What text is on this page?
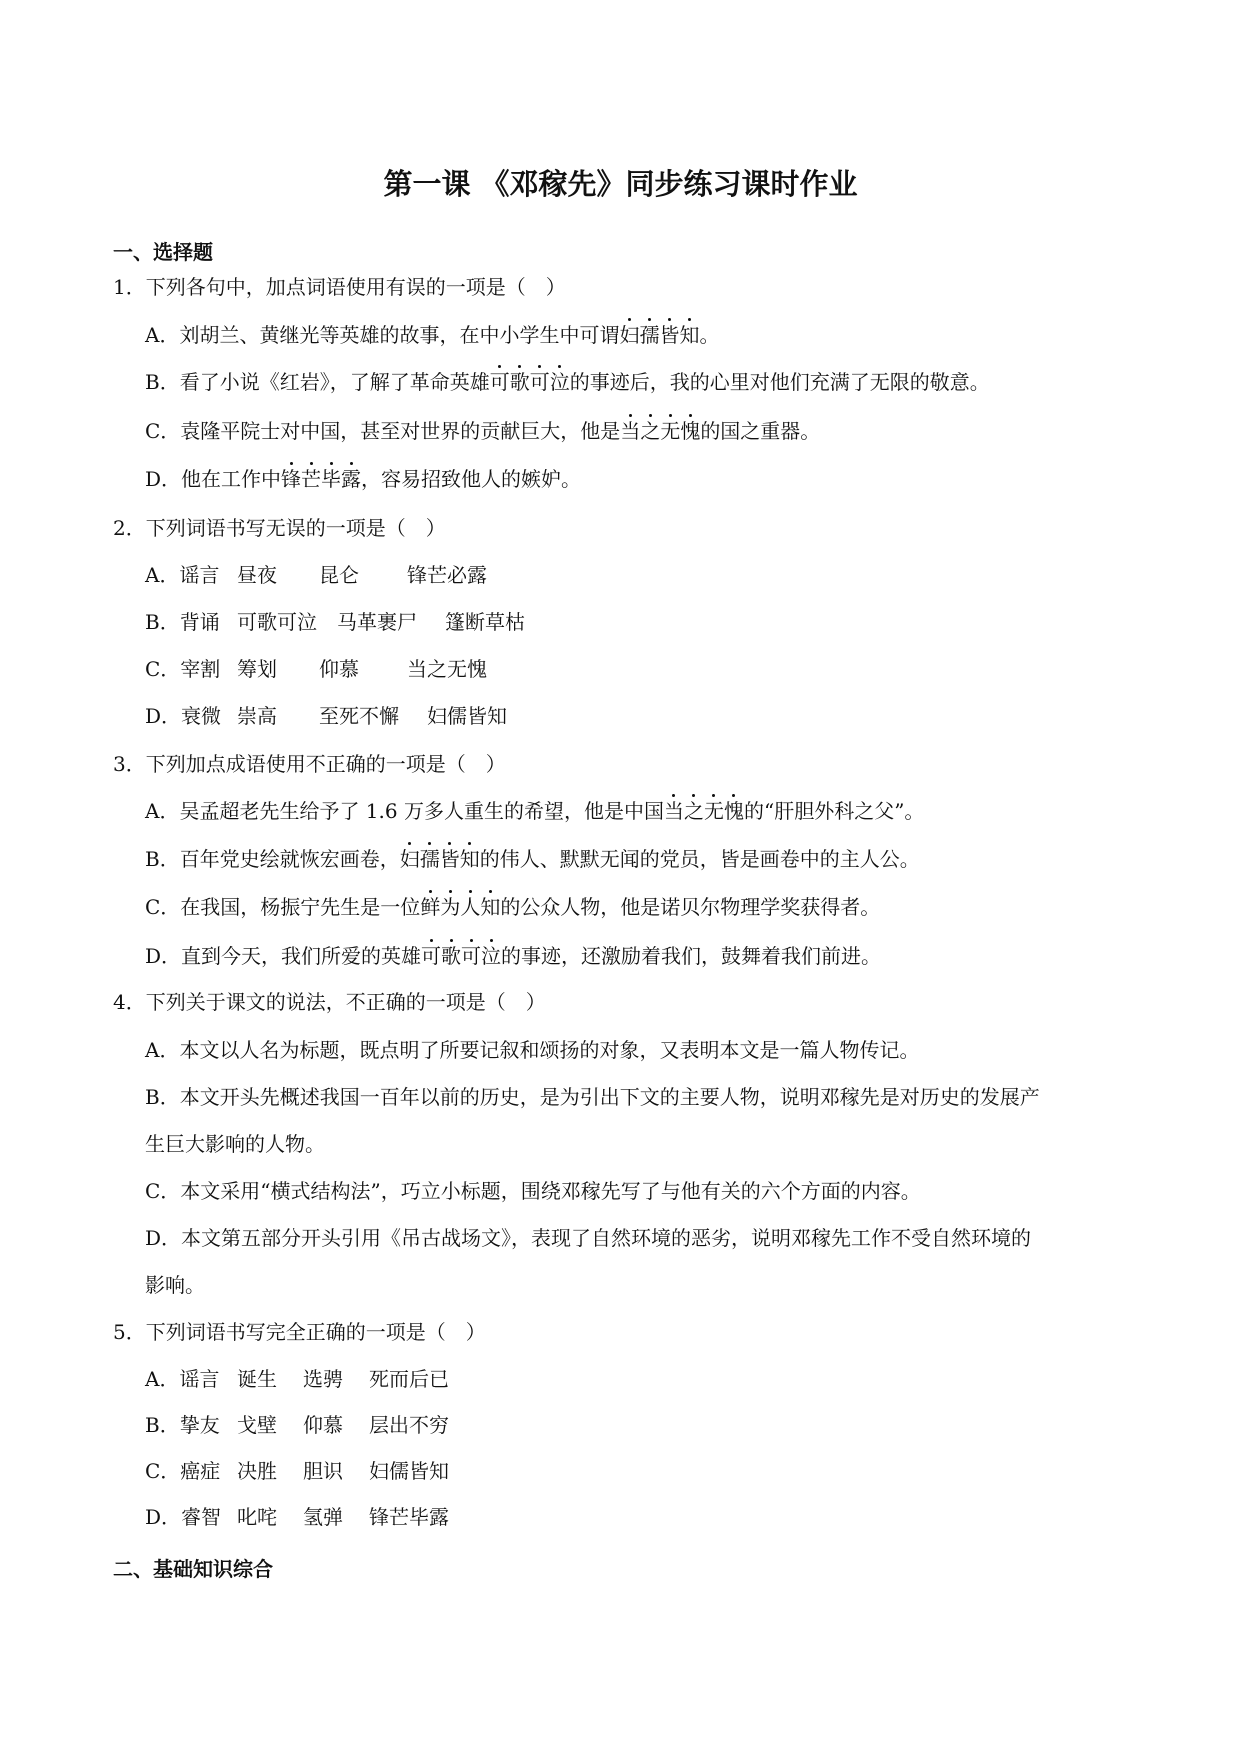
第一课 《邓稼先》同步练习课时作业
一、选择题
1．下列各句中，加点词语使用有误的一项是（　）
A．刘胡兰、黄继光等英雄的故事，在中小学生中可谓妇孺皆知。
B．看了小说《红岩》，了解了革命英雄可歌可泣的事迹后，我的心里对他们充满了无限的敬意。
C．袁隆平院士对中国，甚至对世界的贡献巨大，他是当之无愧的国之重器。
D．他在工作中锋芒毕露，容易招致他人的嫉妒。
2．下列词语书写无误的一项是（　）
A．谣言 昼夜 昆仑 锋芒必露
B．背诵 可歌可泣 马革裹尸 篷断草枯
C．宰割 筹划 仰慕 当之无愧
D．衰微 崇高 至死不懈 妇儒皆知
3．下列加点成语使用不正确的一项是（　）
A．吴孟超老先生给予了 1.6 万多人重生的希望，他是中国当之无愧的“肝胆外科之父”。
B．百年党史绘就恢宏画卷，妇孺皆知的伟人、默默无闻的党员，皆是画卷中的主人公。
C．在我国，杨振宁先生是一位鲜为人知的公众人物，他是诺贝尔物理学奖获得者。
D．直到今天，我们所爱的英雄可歌可泣的事迹，还激励着我们，鼓舞着我们前进。
4．下列关于课文的说法，不正确的一项是（　）
A．本文以人名为标题，既点明了所要记叙和颂扬的对象，又表明本文是一篇人物传记。
B．本文开头先概述我国一百年以前的历史，是为引出下文的主要人物，说明邓稼先是对历史的发展产
生巨大影响的人物。
C．本文采用“横式结构法”，巧立小标题，围绕邓稼先写了与他有关的六个方面的内容。
D．本文第五部分开头引用《吊古战场文》，表现了自然环境的恶劣，说明邓稼先工作不受自然环境的
影响。
5．下列词语书写完全正确的一项是（　）
A．谣言 诞生 选骋 死而后已
B．挚友 戈壁 仰慕 层出不穷
C．癌症 决胜 胆识 妇儒皆知
D．睿智 叱咤 氢弹 锋芒毕露
二、基础知识综合
